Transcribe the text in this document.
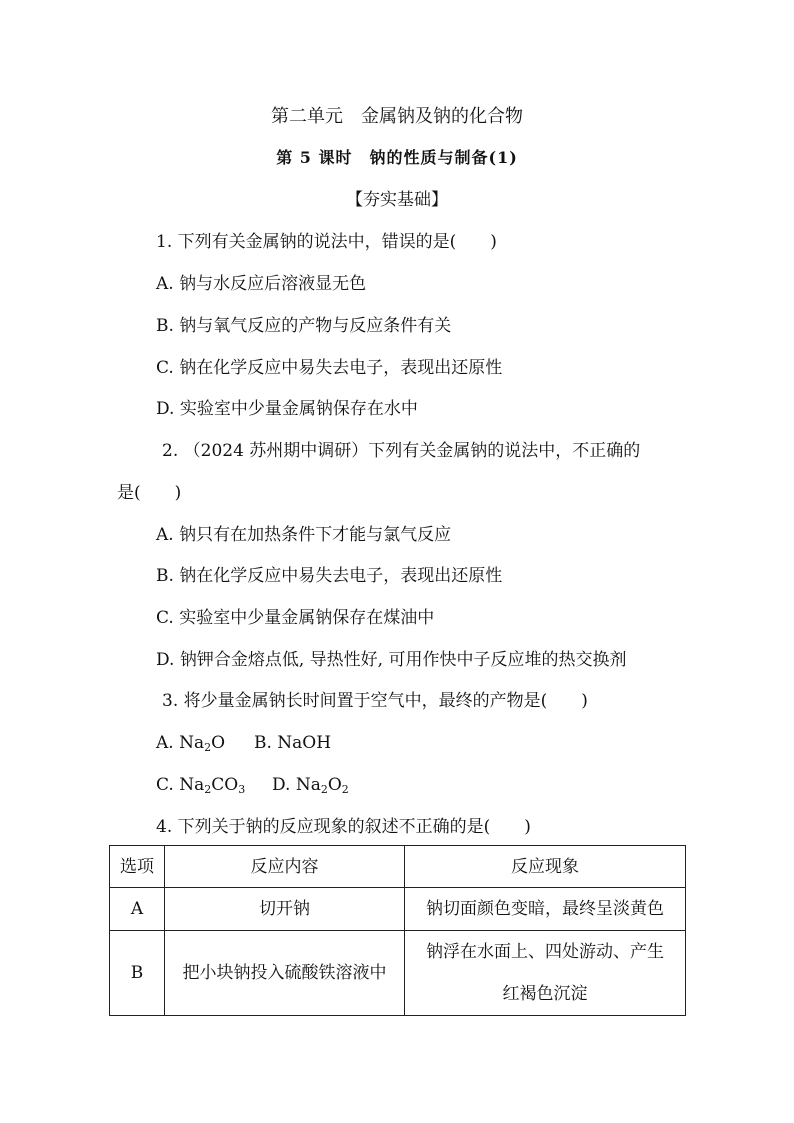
第二单元　金属钠及钠的化合物
第 5 课时　钠的性质与制备(1)
【夯实基础】
1. 下列有关金属钠的说法中，错误的是(　　)
A. 钠与水反应后溶液显无色
B. 钠与氧气反应的产物与反应条件有关
C. 钠在化学反应中易失去电子，表现出还原性
D. 实验室中少量金属钠保存在水中
2. （2024 苏州期中调研）下列有关金属钠的说法中，不正确的
是(　　)
A. 钠只有在加热条件下才能与氯气反应
B. 钠在化学反应中易失去电子，表现出还原性
C. 实验室中少量金属钠保存在煤油中
D. 钠钾合金熔点低, 导热性好, 可用作快中子反应堆的热交换剂
3. 将少量金属钠长时间置于空气中，最终的产物是(　　)
A. $Na_2O$ B. NaOH
C. $Na_2CO_3$ D. $Na_2O_2$
4. 下列关于钠的反应现象的叙述不正确的是(　　)
选项	反应内容	反应现象
A	切开钠	钠切面颜色变暗，最终呈淡黄色
B	把小块钠投入硫酸铁溶液中	钠浮在水面上、四处游动、产生
红褐色沉淀
